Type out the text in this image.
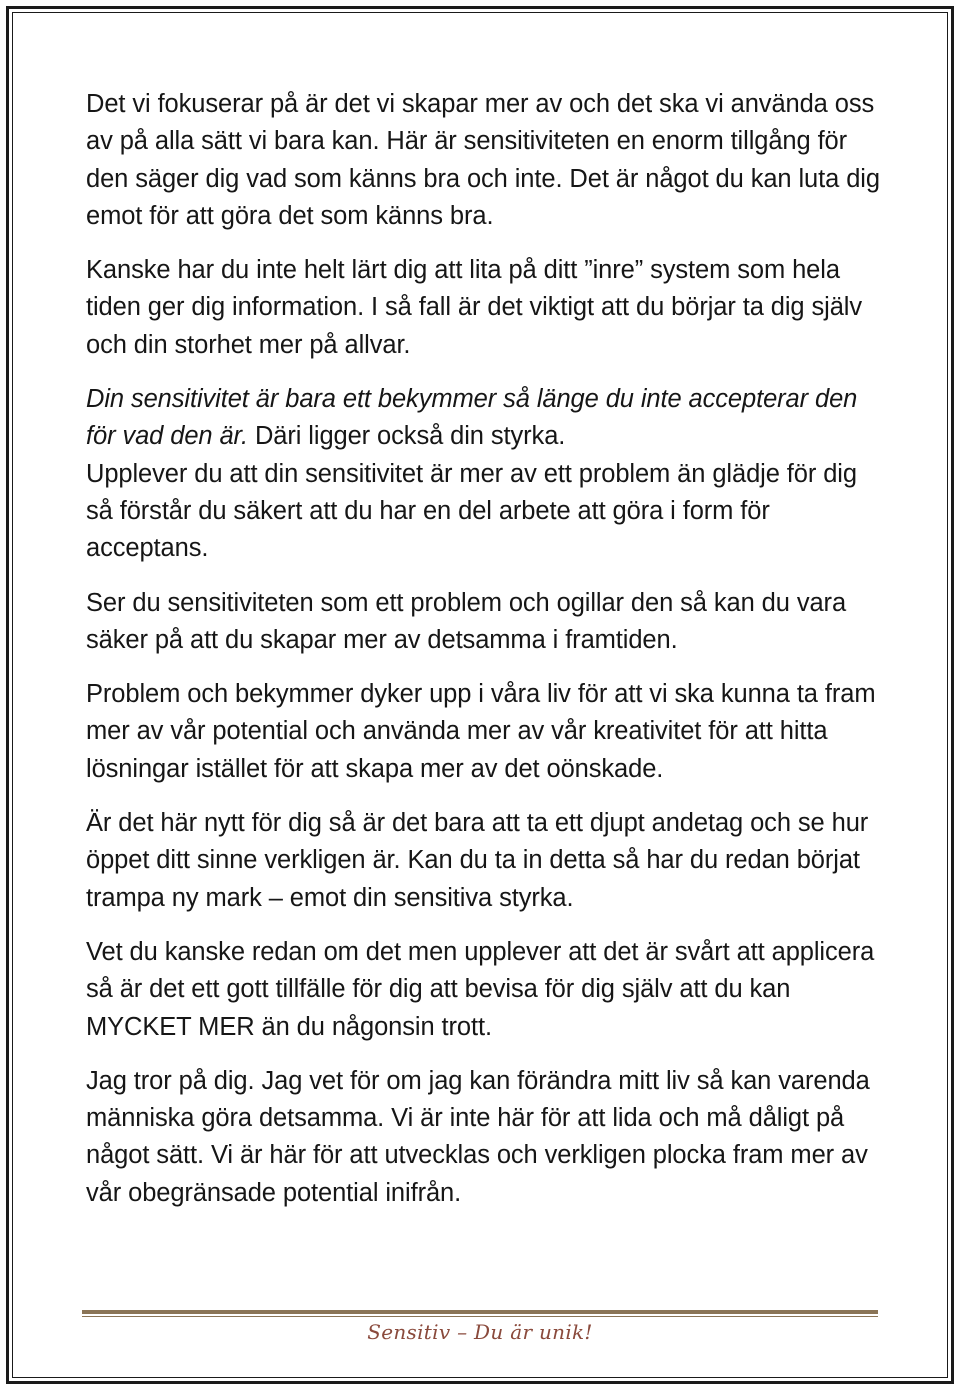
Det vi fokuserar på är det vi skapar mer av och det ska vi använda oss av på alla sätt vi bara kan. Här är sensitiviteten en enorm tillgång för den säger dig vad som känns bra och inte. Det är något du kan luta dig emot för att göra det som känns bra.

Kanske har du inte helt lärt dig att lita på ditt ”inre” system som hela tiden ger dig information. I så fall är det viktigt att du börjar ta dig själv och din storhet mer på allvar.

Din sensitivitet är bara ett bekymmer så länge du inte accepterar den för vad den är. Däri ligger också din styrka.

Upplever du att din sensitivitet är mer av ett problem än glädje för dig så förstår du säkert att du har en del arbete att göra i form för acceptans.

Ser du sensitiviteten som ett problem och ogillar den så kan du vara säker på att du skapar mer av detsamma i framtiden.

Problem och bekymmer dyker upp i våra liv för att vi ska kunna ta fram mer av vår potential och använda mer av vår kreativitet för att hitta lösningar istället för att skapa mer av det oönskade.

Är det här nytt för dig så är det bara att ta ett djupt andetag och se hur öppet ditt sinne verkligen är. Kan du ta in detta så har du redan börjat trampa ny mark – emot din sensitiva styrka.

Vet du kanske redan om det men upplever att det är svårt att applicera så är det ett gott tillfälle för dig att bevisa för dig själv att du kan MYCKET MER än du någonsin trott.

Jag tror på dig. Jag vet för om jag kan förändra mitt liv så kan varenda människa göra detsamma. Vi är inte här för att lida och må dåligt på något sätt. Vi är här för att utvecklas och verkligen plocka fram mer av vår obegränsade potential inifrån.

Sensitiv – Du är unik!
